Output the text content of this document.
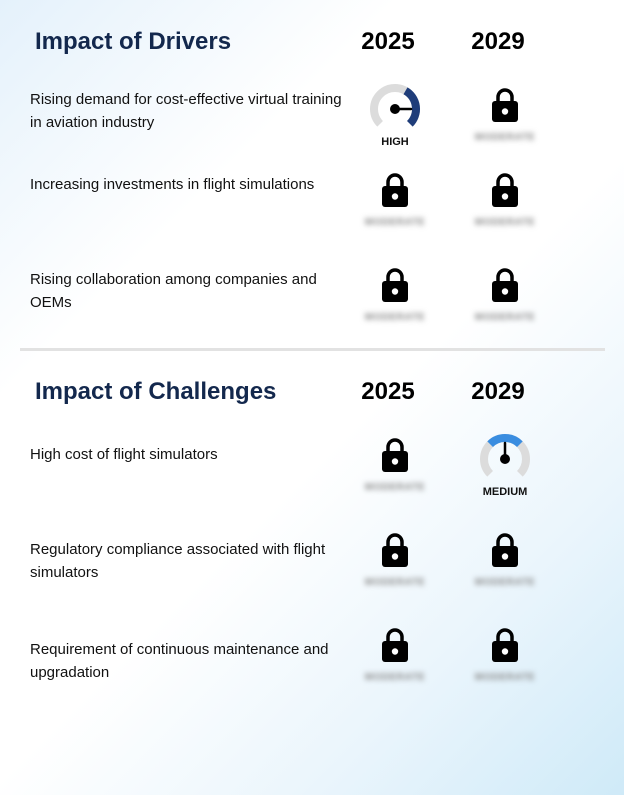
Impact of Drivers	2025	2029
Rising demand for cost-effective virtual training in aviation industry
HIGH	MODERATE
Increasing investments in flight simulations
MODERATE	MODERATE
Rising collaboration among companies and OEMs
MODERATE	MODERATE
Impact of Challenges	2025	2029
High cost of flight simulators
MODERATE	MEDIUM
Regulatory compliance associated with flight simulators
MODERATE	MODERATE
Requirement of continuous maintenance and upgradation	MODERATE	MODERATE
